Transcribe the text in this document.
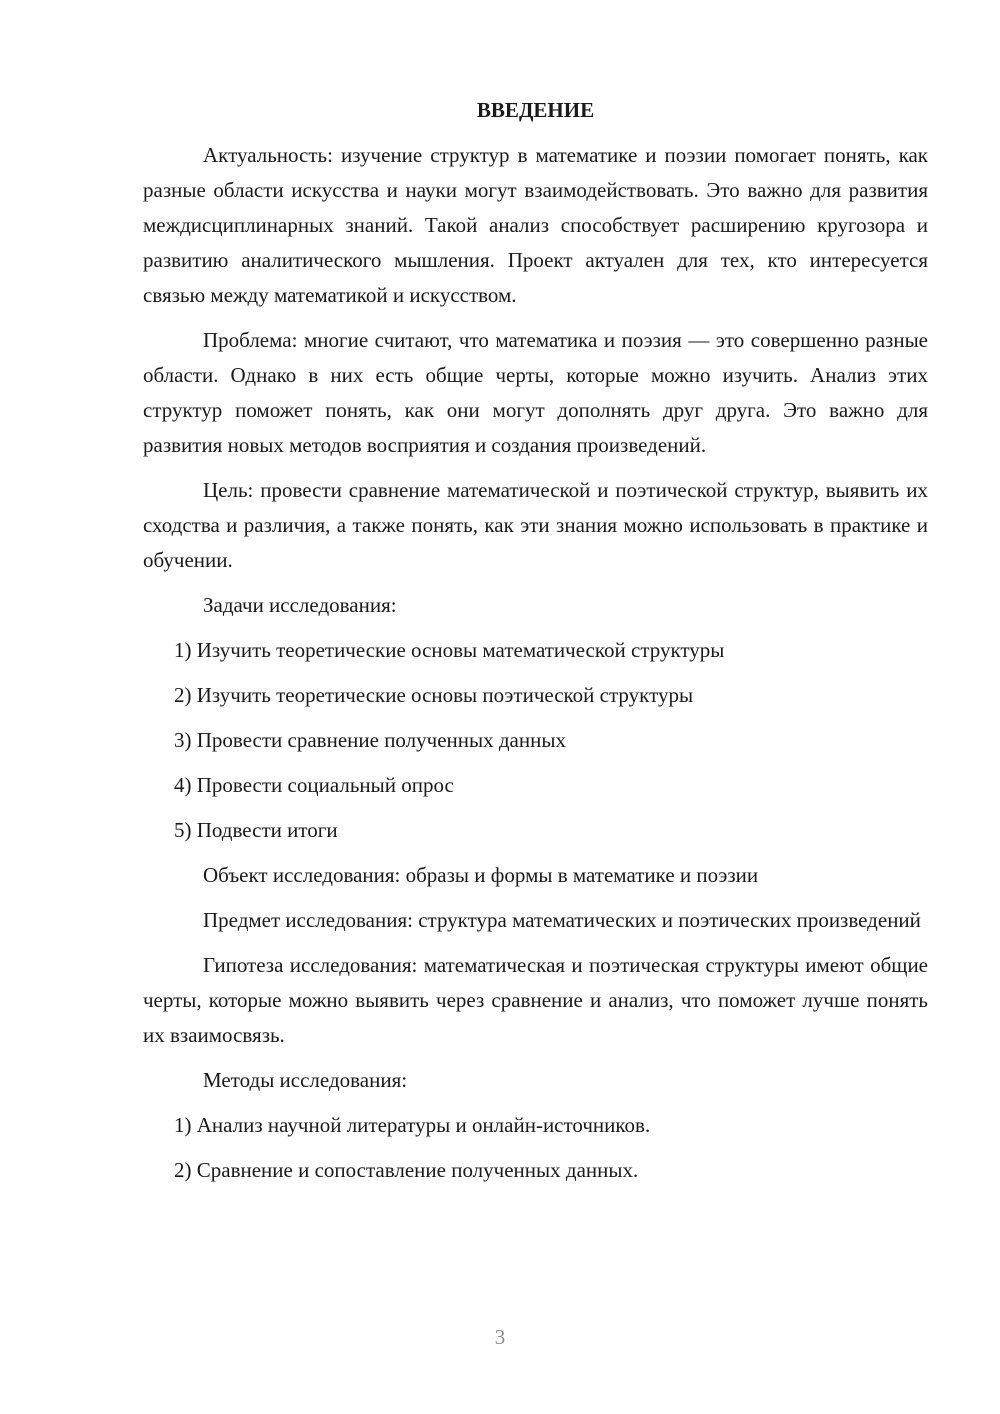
ВВЕДЕНИЕ

Актуальность: изучение структур в математике и поэзии помогает понять, как разные области искусства и науки могут взаимодействовать. Это важно для развития междисциплинарных знаний. Такой анализ способствует расширению кругозора и развитию аналитического мышления. Проект актуален для тех, кто интересуется связью между математикой и искусством.

Проблема: многие считают, что математика и поэзия — это совершенно разные области. Однако в них есть общие черты, которые можно изучить. Анализ этих структур поможет понять, как они могут дополнять друг друга. Это важно для развития новых методов восприятия и создания произведений.

Цель: провести сравнение математической и поэтической структур, выявить их сходства и различия, а также понять, как эти знания можно использовать в практике и обучении.

Задачи исследования:

1) Изучить теоретические основы математической структуры

2) Изучить теоретические основы поэтической структуры

3) Провести сравнение полученных данных

4) Провести социальный опрос

5) Подвести итоги

Объект исследования: образы и формы в математике и поэзии

Предмет исследования: структура математических и поэтических произведений

Гипотеза исследования: математическая и поэтическая структуры имеют общие черты, которые можно выявить через сравнение и анализ, что поможет лучше понять их взаимосвязь.

Методы исследования:

1) Анализ научной литературы и онлайн-источников.

2) Сравнение и сопоставление полученных данных.

3
